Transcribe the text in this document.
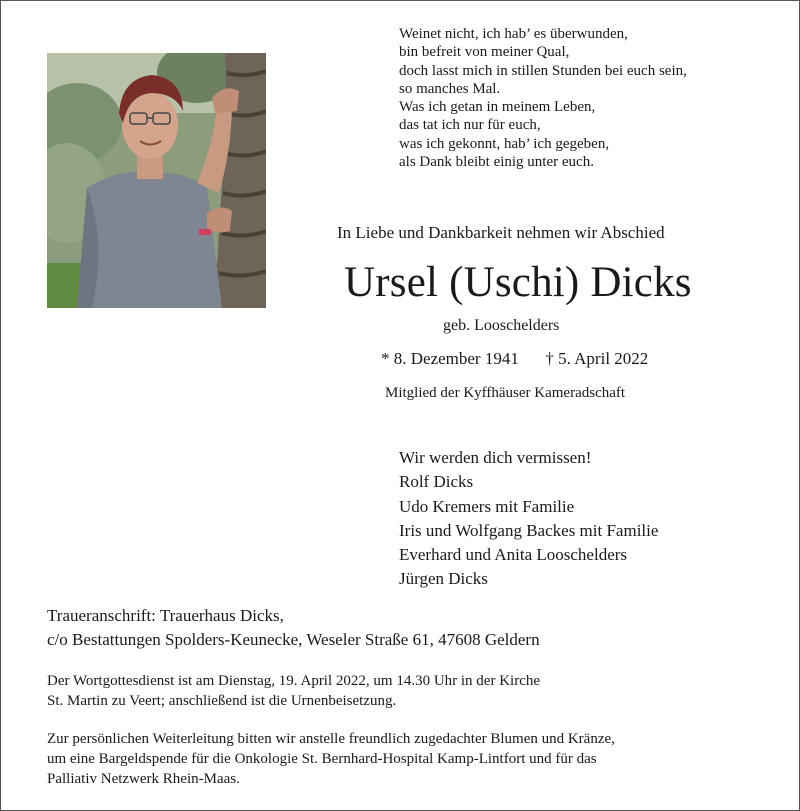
Weinet nicht, ich hab’ es überwunden,
bin befreit von meiner Qual,
doch lasst mich in stillen Stunden bei euch sein,
so manches Mal.
Was ich getan in meinem Leben,
das tat ich nur für euch,
was ich gekonnt, hab’ ich gegeben,
als Dank bleibt einig unter euch.
In Liebe und Dankbarkeit nehmen wir Abschied
Ursel (Uschi) Dicks
geb. Looschelders
* 8. Dezember 1941 † 5. April 2022
Mitglied der Kyffhäuser Kameradschaft
Wir werden dich vermissen!
Rolf Dicks
Udo Kremers mit Familie
Iris und Wolfgang Backes mit Familie
Everhard und Anita Looschelders
Jürgen Dicks
Traueranschrift: Trauerhaus Dicks,
c/o Bestattungen Spolders-Keunecke, Weseler Straße 61, 47608 Geldern
Der Wortgottesdienst ist am Dienstag, 19. April 2022, um 14.30 Uhr in der Kirche
St. Martin zu Veert; anschließend ist die Urnenbeisetzung.
Zur persönlichen Weiterleitung bitten wir anstelle freundlich zugedachter Blumen und Kränze,
um eine Bargeldspende für die Onkologie St. Bernhard-Hospital Kamp-Lintfort und für das
Palliativ Netzwerk Rhein-Maas.
